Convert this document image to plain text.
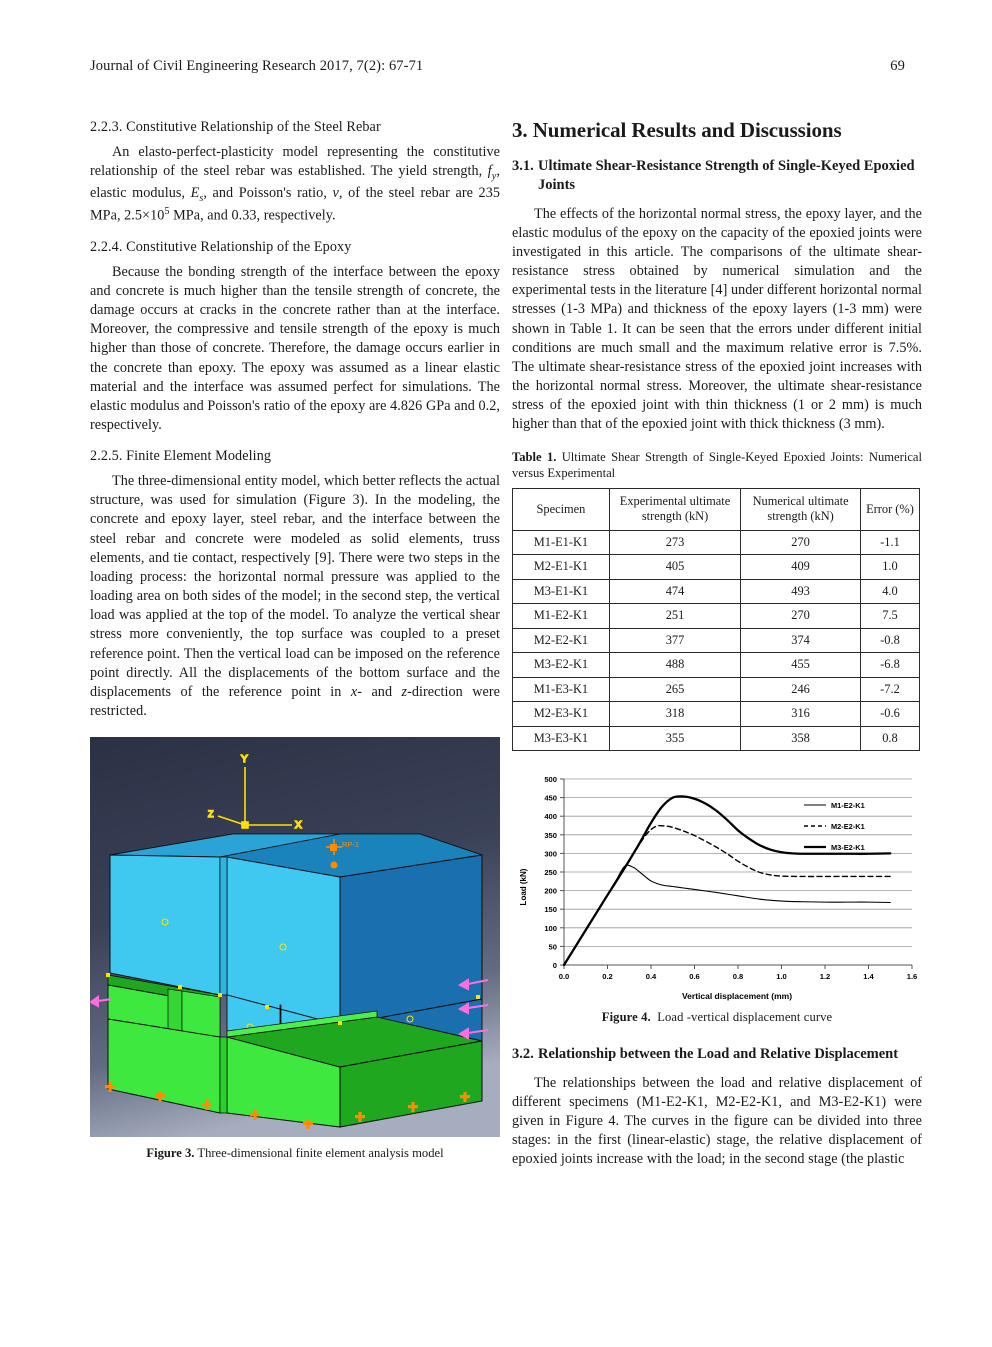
Journal of Civil Engineering Research 2017, 7(2): 67-71	69
2.2.3. Constitutive Relationship of the Steel Rebar

An elasto-perfect-plasticity model representing the constitutive relationship of the steel rebar was established. The yield strength, $f_y$, elastic modulus, $E_s$, and Poisson's ratio, v, of the steel rebar are 235 MPa, $2.5\times 10^5$ MPa, and 0.33, respectively.

2.2.4. Constitutive Relationship of the Epoxy

Because the bonding strength of the interface between the epoxy and concrete is much higher than the tensile strength of concrete, the damage occurs at cracks in the concrete rather than at the interface. Moreover, the compressive and tensile strength of the epoxy is much higher than those of concrete. Therefore, the damage occurs earlier in the concrete than epoxy. The epoxy was assumed as a linear elastic material and the interface was assumed perfect for simulations. The elastic modulus and Poisson's ratio of the epoxy are 4.826 GPa and 0.2, respectively.

2.2.5. Finite Element Modeling

The three-dimensional entity model, which better reflects the actual structure, was used for simulation (Figure 3). In the modeling, the concrete and epoxy layer, steel rebar, and the interface between the steel rebar and concrete were modeled as solid elements, truss elements, and tie contact, respectively [9]. There were two steps in the loading process: the horizontal normal pressure was applied to the loading area on both sides of the model; in the second step, the vertical load was applied at the top of the model. To analyze the vertical shear stress more conveniently, the top surface was coupled to a preset reference point. Then the vertical load can be imposed on the reference point directly. All the displacements of the bottom surface and the displacements of the reference point in x- and z-direction were restricted.

Y
X
Z
RP-1
Figure 3. Three-dimensional finite element analysis model
3. Numerical Results and Discussions
3.1. Ultimate Shear-Resistance Strength of Single-Keyed Epoxied Joints

The effects of the horizontal normal stress, the epoxy layer, and the elastic modulus of the epoxy on the capacity of the epoxied joints were investigated in this article. The comparisons of the ultimate shear-resistance stress obtained by numerical simulation and the experimental tests in the literature [4] under different horizontal normal stresses (1-3 MPa) and thickness of the epoxy layers (1-3 mm) were shown in Table 1. It can be seen that the errors under different initial conditions are much small and the maximum relative error is 7.5%. The ultimate shear-resistance stress of the epoxied joint increases with the horizontal normal stress. Moreover, the ultimate shear-resistance stress of the epoxied joint with thin thickness (1 or 2 mm) is much higher than that of the epoxied joint with thick thickness (3 mm).

Table 1. Ultimate Shear Strength of Single-Keyed Epoxied Joints: Numerical versus Experimental
Specimen	Experimental ultimate strength (kN)	Numerical ultimate strength (kN)	Error (%)
M1-E1-K1	273	270	-1.1
M2-E1-K1	405	409	1.0
M3-E1-K1	474	493	4.0
M1-E2-K1	251	270	7.5
M2-E2-K1	377	374	-0.8
M3-E2-K1	488	455	-6.8
M1-E3-K1	265	246	-7.2
M2-E3-K1	318	316	-0.6
M3-E3-K1	355	358	0.8
0
50
100
150
200
250
300
350
400
450
500
0.0	0.2	0.4	0.6	0.8	1.0	1.2	1.4	1.6
M1-E2-K1
M2-E2-K1
M3-E2-K1
Load (kN)
Vertical displacement (mm)
Figure 4. Load -vertical displacement curve
3.2. Relationship between the Load and Relative Displacement

The relationships between the load and relative displacement of different specimens (M1-E2-K1, M2-E2-K1, and M3-E2-K1) were given in Figure 4. The curves in the figure can be divided into three stages: in the first (linear-elastic) stage, the relative displacement of epoxied joints increase with the load; in the second stage (the plastic
